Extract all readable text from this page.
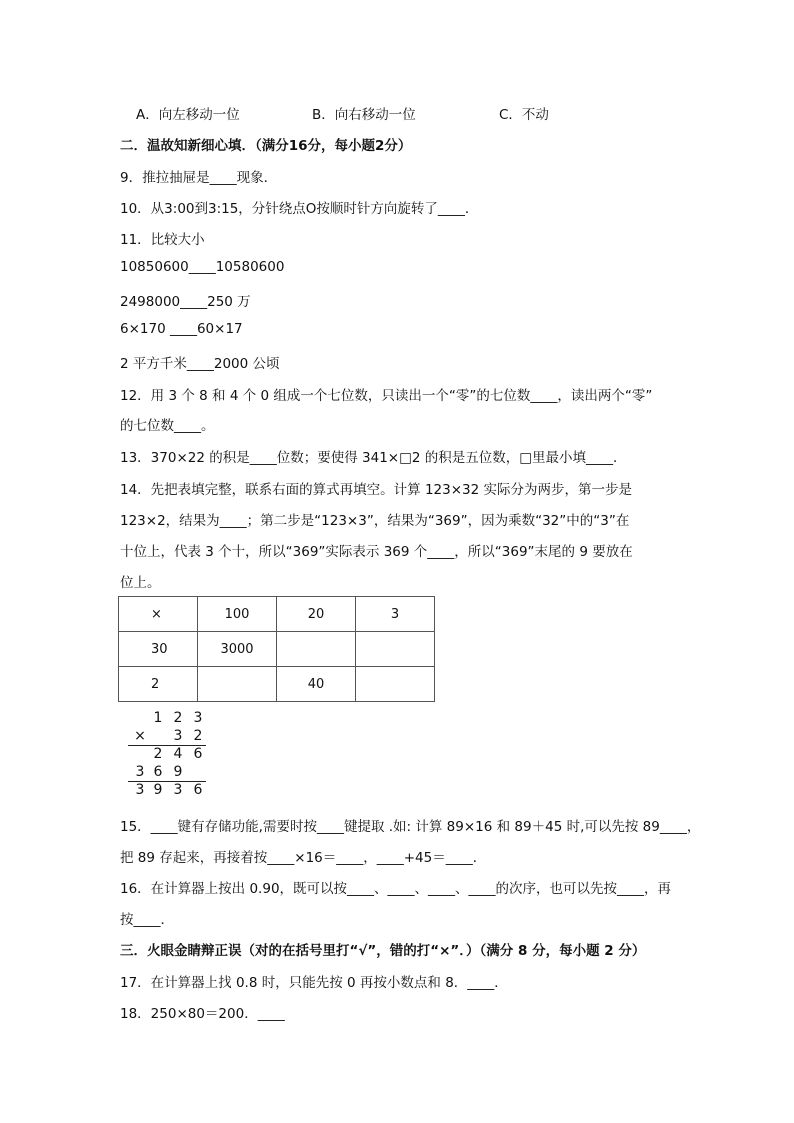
A．向左移动一位	B．向右移动一位	C．不动
二．温故知新细心填．（满分16分，每小题2分）
9．推拉抽屉是____现象．
10．从3:00到3:15，分针绕点O按顺时针方向旋转了____．
11．比较大小
10850600____10580600
2498000____250 万
6×170 ____60×17
2 平方千米____2000 公顷
12．用 3 个 8 和 4 个 0 组成一个七位数，只读出一个“零”的七位数____，读出两个“零”
的七位数____。
13．370×22 的积是____位数；要使得 341×□2 的积是五位数，□里最小填____．
14．先把表填完整，联系右面的算式再填空。计算 123×32 实际分为两步，第一步是
123×2，结果为____；第二步是“123×3”，结果为“369”，因为乘数“32”中的“3”在
十位上，代表 3 个十，所以“369”实际表示 369 个____，所以“369”末尾的 9 要放在
位上。
×	100	20	3
30	3000		
2		40	
1 2 3
× 3 2
2 4 6
3 6 9
3 9 3 6
15．____键有存储功能,需要时按____键提取 .如: 计算 89×16 和 89＋45 时,可以先按 89____，
把 89 存起来，再接着按____×16＝____，____+45＝____．
16．在计算器上按出 0.90，既可以按____、____、____、____的次序，也可以先按____，再
按____．
三．火眼金睛辩正误（对的在括号里打“√”，错的打“×”．）（满分 8 分，每小题 2 分）
17．在计算器上找 0.8 时，只能先按 0 再按小数点和 8．____．
18．250×80＝200．____
